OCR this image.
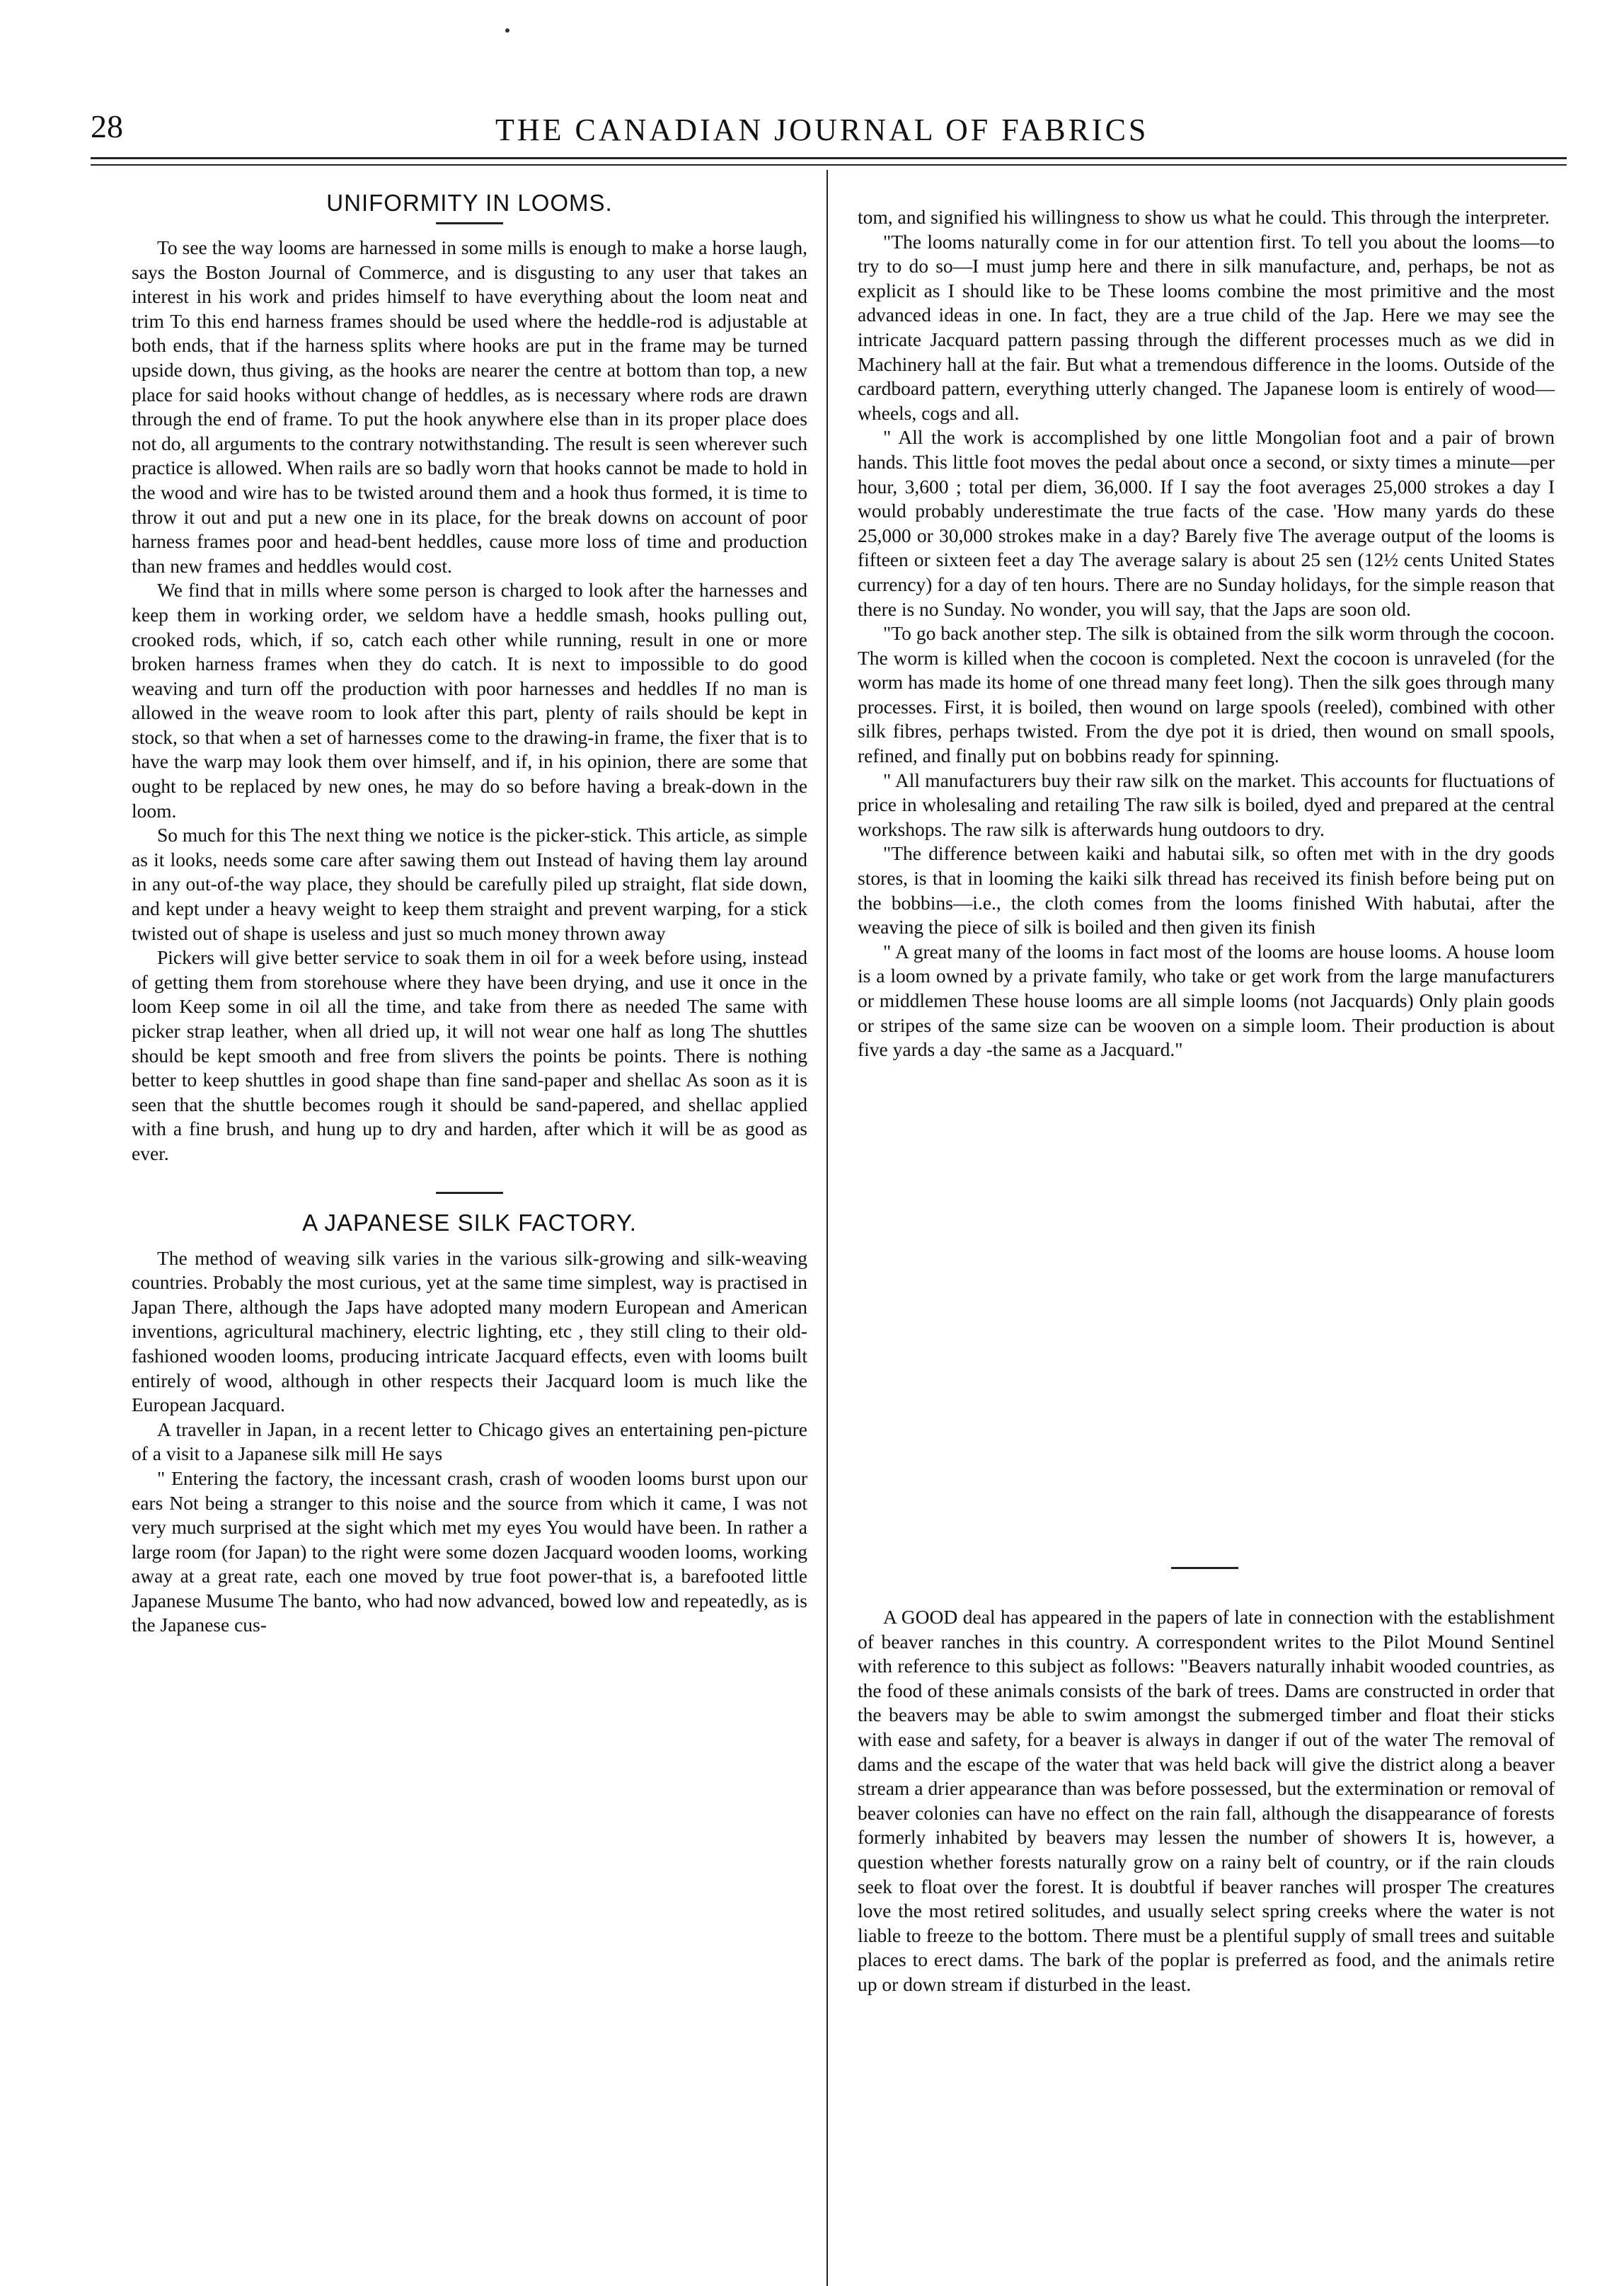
28	THE CANADIAN JOURNAL OF FABRICS
UNIFORMITY IN LOOMS.

To see the way looms are harnessed in some mills is enough to make a horse laugh, says the Boston Journal of Commerce, and is disgusting to any user that takes an interest in his work and prides himself to have everything about the loom neat and trim To this end harness frames should be used where the heddle-rod is adjustable at both ends, that if the harness splits where hooks are put in the frame may be turned upside down, thus giving, as the hooks are nearer the centre at bottom than top, a new place for said hooks without change of heddles, as is necessary where rods are drawn through the end of frame. To put the hook anywhere else than in its proper place does not do, all arguments to the contrary notwithstanding. The result is seen wherever such practice is allowed. When rails are so badly worn that hooks cannot be made to hold in the wood and wire has to be twisted around them and a hook thus formed, it is time to throw it out and put a new one in its place, for the break downs on account of poor harness frames poor and head-bent heddles, cause more loss of time and production than new frames and heddles would cost.

We find that in mills where some person is charged to look after the harnesses and keep them in working order, we seldom have a heddle smash, hooks pulling out, crooked rods, which, if so, catch each other while running, result in one or more broken harness frames when they do catch. It is next to impossible to do good weaving and turn off the production with poor harnesses and heddles If no man is allowed in the weave room to look after this part, plenty of rails should be kept in stock, so that when a set of harnesses come to the drawing-in frame, the fixer that is to have the warp may look them over himself, and if, in his opinion, there are some that ought to be replaced by new ones, he may do so before having a break-down in the loom.

So much for this The next thing we notice is the picker-stick. This article, as simple as it looks, needs some care after sawing them out Instead of having them lay around in any out-of-the way place, they should be carefully piled up straight, flat side down, and kept under a heavy weight to keep them straight and prevent warping, for a stick twisted out of shape is useless and just so much money thrown away

Pickers will give better service to soak them in oil for a week before using, instead of getting them from storehouse where they have been drying, and use it once in the loom Keep some in oil all the time, and take from there as needed The same with picker strap leather, when all dried up, it will not wear one half as long The shuttles should be kept smooth and free from slivers the points be points. There is nothing better to keep shuttles in good shape than fine sand-paper and shellac As soon as it is seen that the shuttle becomes rough it should be sand-papered, and shellac applied with a fine brush, and hung up to dry and harden, after which it will be as good as ever.

A JAPANESE SILK FACTORY.

The method of weaving silk varies in the various silk-growing and silk-weaving countries. Probably the most curious, yet at the same time simplest, way is practised in Japan There, although the Japs have adopted many modern European and American inventions, agricultural machinery, electric lighting, etc , they still cling to their old-fashioned wooden looms, producing intricate Jacquard effects, even with looms built entirely of wood, although in other respects their Jacquard loom is much like the European Jacquard.

A traveller in Japan, in a recent letter to Chicago gives an entertaining pen-picture of a visit to a Japanese silk mill He says

" Entering the factory, the incessant crash, crash of wooden looms burst upon our ears Not being a stranger to this noise and the source from which it came, I was not very much surprised at the sight which met my eyes You would have been. In rather a large room (for Japan) to the right were some dozen Jacquard wooden looms, working away at a great rate, each one moved by true foot power-that is, a barefooted little Japanese Musume The banto, who had now advanced, bowed low and repeatedly, as is the Japanese cus-

tom, and signified his willingness to show us what he could. This through the interpreter.

"The looms naturally come in for our attention first. To tell you about the looms—to try to do so—I must jump here and there in silk manufacture, and, perhaps, be not as explicit as I should like to be These looms combine the most primitive and the most advanced ideas in one. In fact, they are a true child of the Jap. Here we may see the intricate Jacquard pattern passing through the different processes much as we did in Machinery hall at the fair. But what a tremendous difference in the looms. Outside of the cardboard pattern, everything utterly changed. The Japanese loom is entirely of wood—wheels, cogs and all.

" All the work is accomplished by one little Mongolian foot and a pair of brown hands. This little foot moves the pedal about once a second, or sixty times a minute—per hour, 3,600 ; total per diem, 36,000. If I say the foot averages 25,000 strokes a day I would probably underestimate the true facts of the case. 'How many yards do these 25,000 or 30,000 strokes make in a day? Barely five The average output of the looms is fifteen or sixteen feet a day The average salary is about 25 sen (12½ cents United States currency) for a day of ten hours. There are no Sunday holidays, for the simple reason that there is no Sunday. No wonder, you will say, that the Japs are soon old.

"To go back another step. The silk is obtained from the silk worm through the cocoon. The worm is killed when the cocoon is completed. Next the cocoon is unraveled (for the worm has made its home of one thread many feet long). Then the silk goes through many processes. First, it is boiled, then wound on large spools (reeled), combined with other silk fibres, perhaps twisted. From the dye pot it is dried, then wound on small spools, refined, and finally put on bobbins ready for spinning.

" All manufacturers buy their raw silk on the market. This accounts for fluctuations of price in wholesaling and retailing The raw silk is boiled, dyed and prepared at the central workshops. The raw silk is afterwards hung outdoors to dry.

"The difference between kaiki and habutai silk, so often met with in the dry goods stores, is that in looming the kaiki silk thread has received its finish before being put on the bobbins—i.e., the cloth comes from the looms finished With habutai, after the weaving the piece of silk is boiled and then given its finish

" A great many of the looms in fact most of the looms are house looms. A house loom is a loom owned by a private family, who take or get work from the large manufacturers or middlemen These house looms are all simple looms (not Jacquards) Only plain goods or stripes of the same size can be wooven on a simple loom. Their production is about five yards a day -the same as a Jacquard."

A GOOD deal has appeared in the papers of late in connection with the establishment of beaver ranches in this country. A correspondent writes to the Pilot Mound Sentinel with reference to this subject as follows: "Beavers naturally inhabit wooded countries, as the food of these animals consists of the bark of trees. Dams are constructed in order that the beavers may be able to swim amongst the submerged timber and float their sticks with ease and safety, for a beaver is always in danger if out of the water The removal of dams and the escape of the water that was held back will give the district along a beaver stream a drier appearance than was before possessed, but the extermination or removal of beaver colonies can have no effect on the rain fall, although the disappearance of forests formerly inhabited by beavers may lessen the number of showers It is, however, a question whether forests naturally grow on a rainy belt of country, or if the rain clouds seek to float over the forest. It is doubtful if beaver ranches will prosper The creatures love the most retired solitudes, and usually select spring creeks where the water is not liable to freeze to the bottom. There must be a plentiful supply of small trees and suitable places to erect dams. The bark of the poplar is preferred as food, and the animals retire up or down stream if disturbed in the least.
